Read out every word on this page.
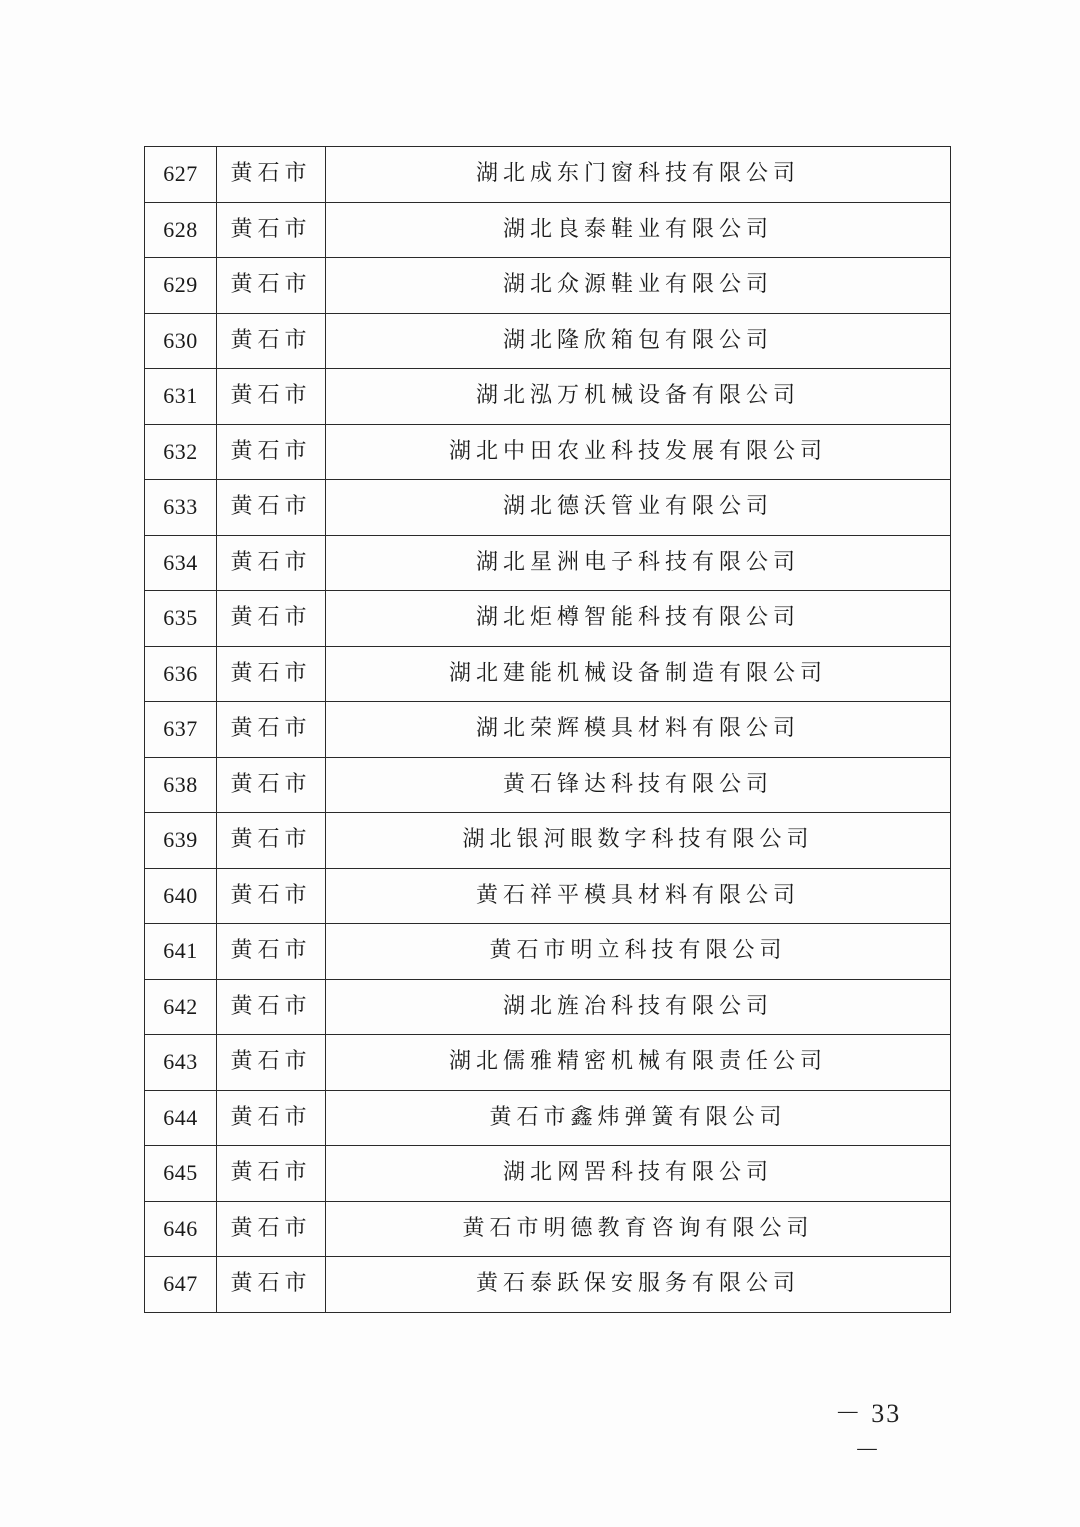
627	黄石市	湖北成东门窗科技有限公司
628	黄石市	湖北良泰鞋业有限公司
629	黄石市	湖北众源鞋业有限公司
630	黄石市	湖北隆欣箱包有限公司
631	黄石市	湖北泓万机械设备有限公司
632	黄石市	湖北中田农业科技发展有限公司
633	黄石市	湖北德沃管业有限公司
634	黄石市	湖北星洲电子科技有限公司
635	黄石市	湖北炬樽智能科技有限公司
636	黄石市	湖北建能机械设备制造有限公司
637	黄石市	湖北荣辉模具材料有限公司
638	黄石市	黄石锋达科技有限公司
639	黄石市	湖北银河眼数字科技有限公司
640	黄石市	黄石祥平模具材料有限公司
641	黄石市	黄石市明立科技有限公司
642	黄石市	湖北旌冶科技有限公司
643	黄石市	湖北儒雅精密机械有限责任公司
644	黄石市	黄石市鑫炜弹簧有限公司
645	黄石市	湖北网罟科技有限公司
646	黄石市	黄石市明德教育咨询有限公司
647	黄石市	黄石泰跃保安服务有限公司
－ 33 －
